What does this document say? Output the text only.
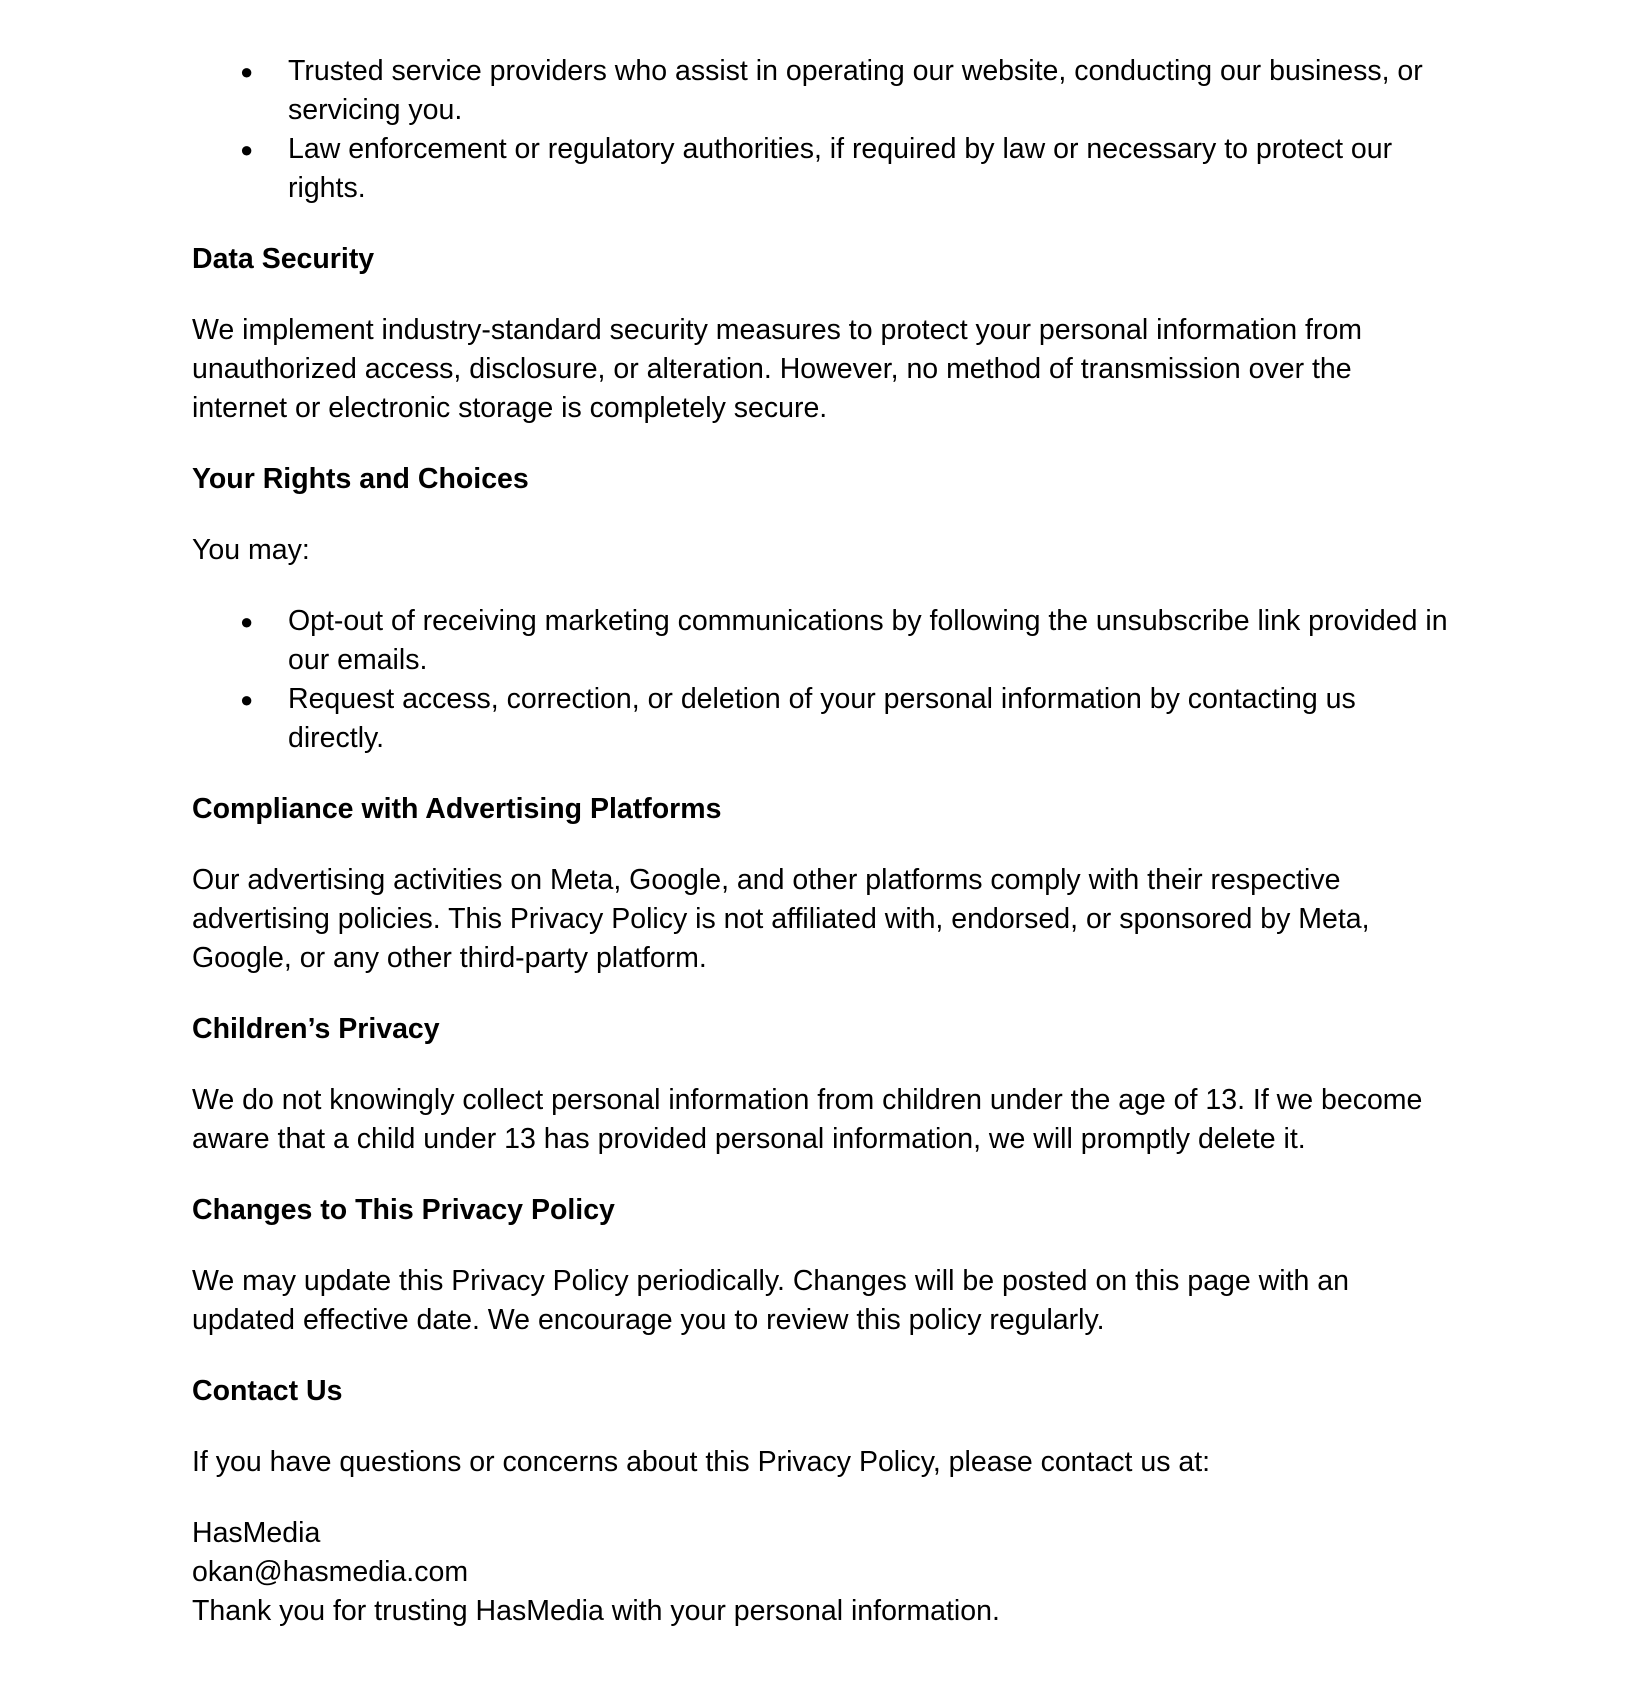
● Trusted service providers who assist in operating our website, conducting our business, or servicing you.
● Law enforcement or regulatory authorities, if required by law or necessary to protect our rights.
Data Security

We implement industry-standard security measures to protect your personal information from unauthorized access, disclosure, or alteration. However, no method of transmission over the internet or electronic storage is completely secure.

Your Rights and Choices

You may:

● Opt-out of receiving marketing communications by following the unsubscribe link provided in our emails.
● Request access, correction, or deletion of your personal information by contacting us directly.
Compliance with Advertising Platforms

Our advertising activities on Meta, Google, and other platforms comply with their respective advertising policies. This Privacy Policy is not affiliated with, endorsed, or sponsored by Meta, Google, or any other third-party platform.

Children’s Privacy

We do not knowingly collect personal information from children under the age of 13. If we become aware that a child under 13 has provided personal information, we will promptly delete it.

Changes to This Privacy Policy

We may update this Privacy Policy periodically. Changes will be posted on this page with an updated effective date. We encourage you to review this policy regularly.

Contact Us

If you have questions or concerns about this Privacy Policy, please contact us at:

HasMedia

okan@hasmedia.com

Thank you for trusting HasMedia with your personal information.
